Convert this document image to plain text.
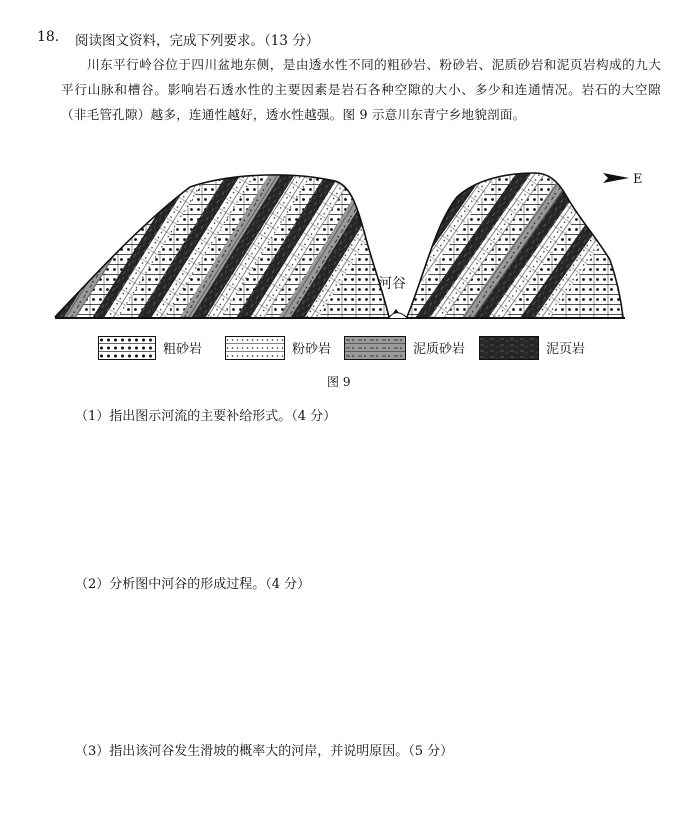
18. 阅读图文资料，完成下列要求。（13 分）
川东平行岭谷位于四川盆地东侧，是由透水性不同的粗砂岩、粉砂岩、泥质砂岩和泥页岩构成的九大平行山脉和槽谷。影响岩石透水性的主要因素是岩石各种空隙的大小、多少和连通情况。岩石的大空隙（非毛管孔隙）越多，连通性越好，透水性越强。图 9 示意川东青宁乡地貌剖面。
河谷
E
粗砂岩	粉砂岩	泥质砂岩	泥页岩
图 9
（1）指出图示河流的主要补给形式。（4 分）
（2）分析图中河谷的形成过程。（4 分）
（3）指出该河谷发生滑坡的概率大的河岸，并说明原因。（5 分）
